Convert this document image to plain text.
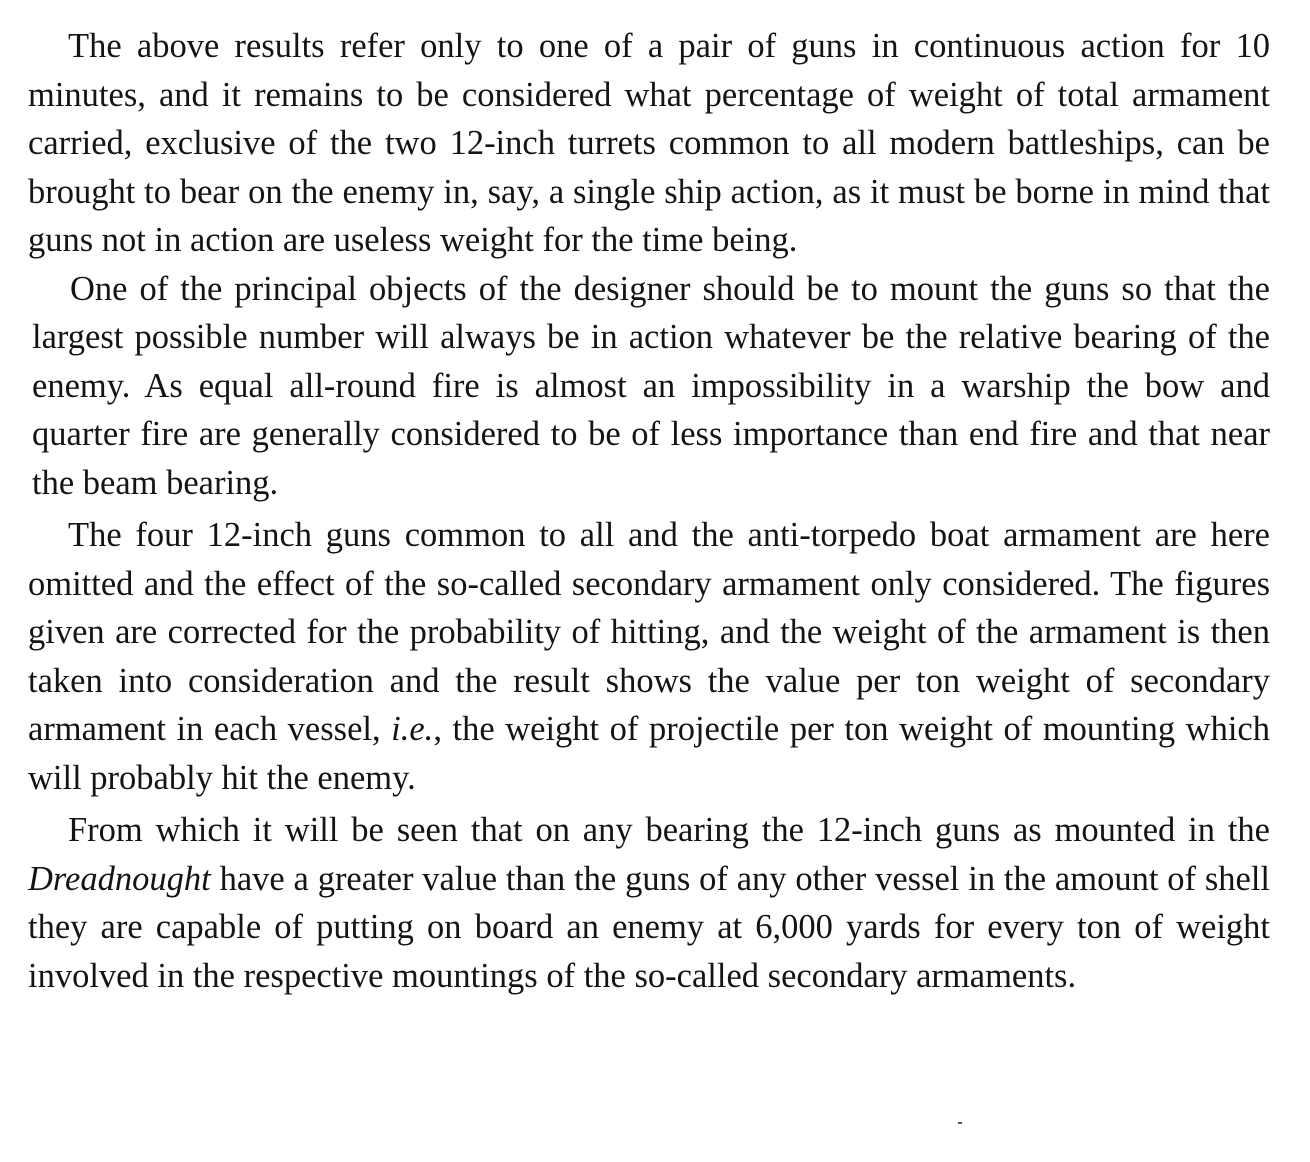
The above results refer only to one of a pair of guns in continuous action for 10 minutes, and it remains to be considered what percentage of weight of total armament carried, exclusive of the two 12-inch turrets common to all modern battleships, can be brought to bear on the enemy in, say, a single ship action, as it must be borne in mind that guns not in action are useless weight for the time being.

One of the principal objects of the designer should be to mount the guns so that the largest possible number will always be in action whatever be the relative bearing of the enemy. As equal all-round fire is almost an impossibility in a warship the bow and quarter fire are generally considered to be of less importance than end fire and that near the beam bearing.

The four 12-inch guns common to all and the anti-torpedo boat armament are here omitted and the effect of the so-called secondary armament only considered. The figures given are corrected for the probability of hitting, and the weight of the armament is then taken into consideration and the result shows the value per ton weight of secondary armament in each vessel, i.e., the weight of projectile per ton weight of mounting which will probably hit the enemy.

From which it will be seen that on any bearing the 12-inch guns as mounted in the Dreadnought have a greater value than the guns of any other vessel in the amount of shell they are capable of putting on board an enemy at 6,000 yards for every ton of weight involved in the respective mountings of the so-called secondary armaments.
